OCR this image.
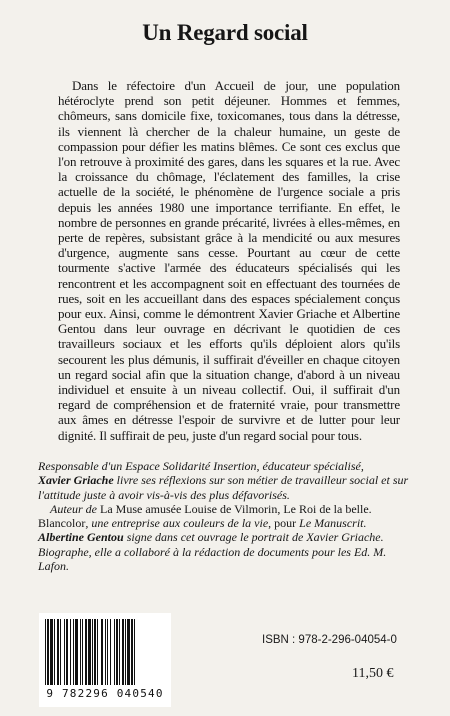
Un Regard social

Dans le réfectoire d'un Accueil de jour, une population hétéroclyte prend son petit déjeuner. Hommes et femmes, chômeurs, sans domicile fixe, toxicomanes, tous dans la détresse, ils viennent là chercher de la chaleur humaine, un geste de compassion pour défier les matins blêmes. Ce sont ces exclus que l'on retrouve à proximité des gares, dans les squares et la rue. Avec la croissance du chômage, l'éclatement des familles, la crise actuelle de la société, le phénomène de l'urgence sociale a pris depuis les années 1980 une importance terrifiante. En effet, le nombre de personnes en grande précarité, livrées à elles-mêmes, en perte de repères, subsistant grâce à la mendicité ou aux mesures d'urgence, augmente sans cesse. Pourtant au cœur de cette tourmente s'active l'armée des éducateurs spécialisés qui les rencontrent et les accompagnent soit en effectuant des tournées de rues, soit en les accueillant dans des espaces spécialement conçus pour eux. Ainsi, comme le démontrent Xavier Griache et Albertine Gentou dans leur ouvrage en décrivant le quotidien de ces travailleurs sociaux et les efforts qu'ils déploient alors qu'ils secourent les plus démunis, il suffirait d'éveiller en chaque citoyen un regard social afin que la situation change, d'abord à un niveau individuel et ensuite à un niveau collectif. Oui, il suffirait d'un regard de compréhension et de fraternité vraie, pour transmettre aux âmes en détresse l'espoir de survivre et de lutter pour leur dignité. Il suffirait de peu, juste d'un regard social pour tous.

Responsable d'un Espace Solidarité Insertion, éducateur spécialisé,
Xavier Griache livre ses réflexions sur son métier de travailleur social et sur l'attitude juste à avoir vis-à-vis des plus défavorisés.
Auteur de La Muse amusée Louise de Vilmorin, Le Roi de la belle. Blancolor, une entreprise aux couleurs de la vie, pour Le Manuscrit.
Albertine Gentou signe dans cet ouvrage le portrait de Xavier Griache. Biographe, elle a collaboré à la rédaction de documents pour les Ed. M. Lafon.
9 782296 040540
ISBN : 978-2-296-04054-0
11,50 €
